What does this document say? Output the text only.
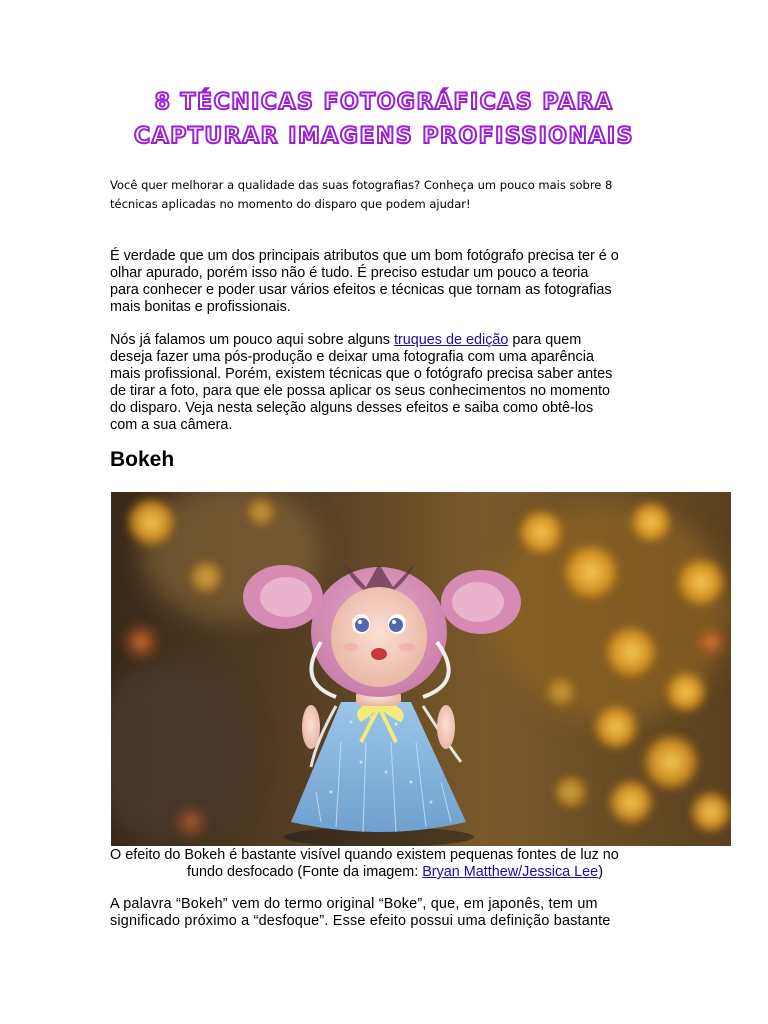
8 TÉCNICAS FOTOGRÁFICAS PARA
CAPTURAR IMAGENS PROFISSIONAIS
Você quer melhorar a qualidade das suas fotografias? Conheça um pouco mais sobre 8
técnicas aplicadas no momento do disparo que podem ajudar!
É verdade que um dos principais atributos que um bom fotógrafo precisa ter é o
olhar apurado, porém isso não é tudo. É preciso estudar um pouco a teoria
para conhecer e poder usar vários efeitos e técnicas que tornam as fotografias
mais bonitas e profissionais.
Nós já falamos um pouco aqui sobre alguns truques de edição para quem
deseja fazer uma pós-produção e deixar uma fotografia com uma aparência
mais profissional. Porém, existem técnicas que o fotógrafo precisa saber antes
de tirar a foto, para que ele possa aplicar os seus conhecimentos no momento
do disparo. Veja nesta seleção alguns desses efeitos e saiba como obtê-los
com a sua câmera.
Bokeh
O efeito do Bokeh é bastante visível quando existem pequenas fontes de luz no
fundo desfocado (Fonte da imagem: Bryan Matthew/Jessica Lee)
A palavra “Bokeh” vem do termo original “Boke”, que, em japonês, tem um
significado próximo a “desfoque”. Esse efeito possui uma definição bastante
